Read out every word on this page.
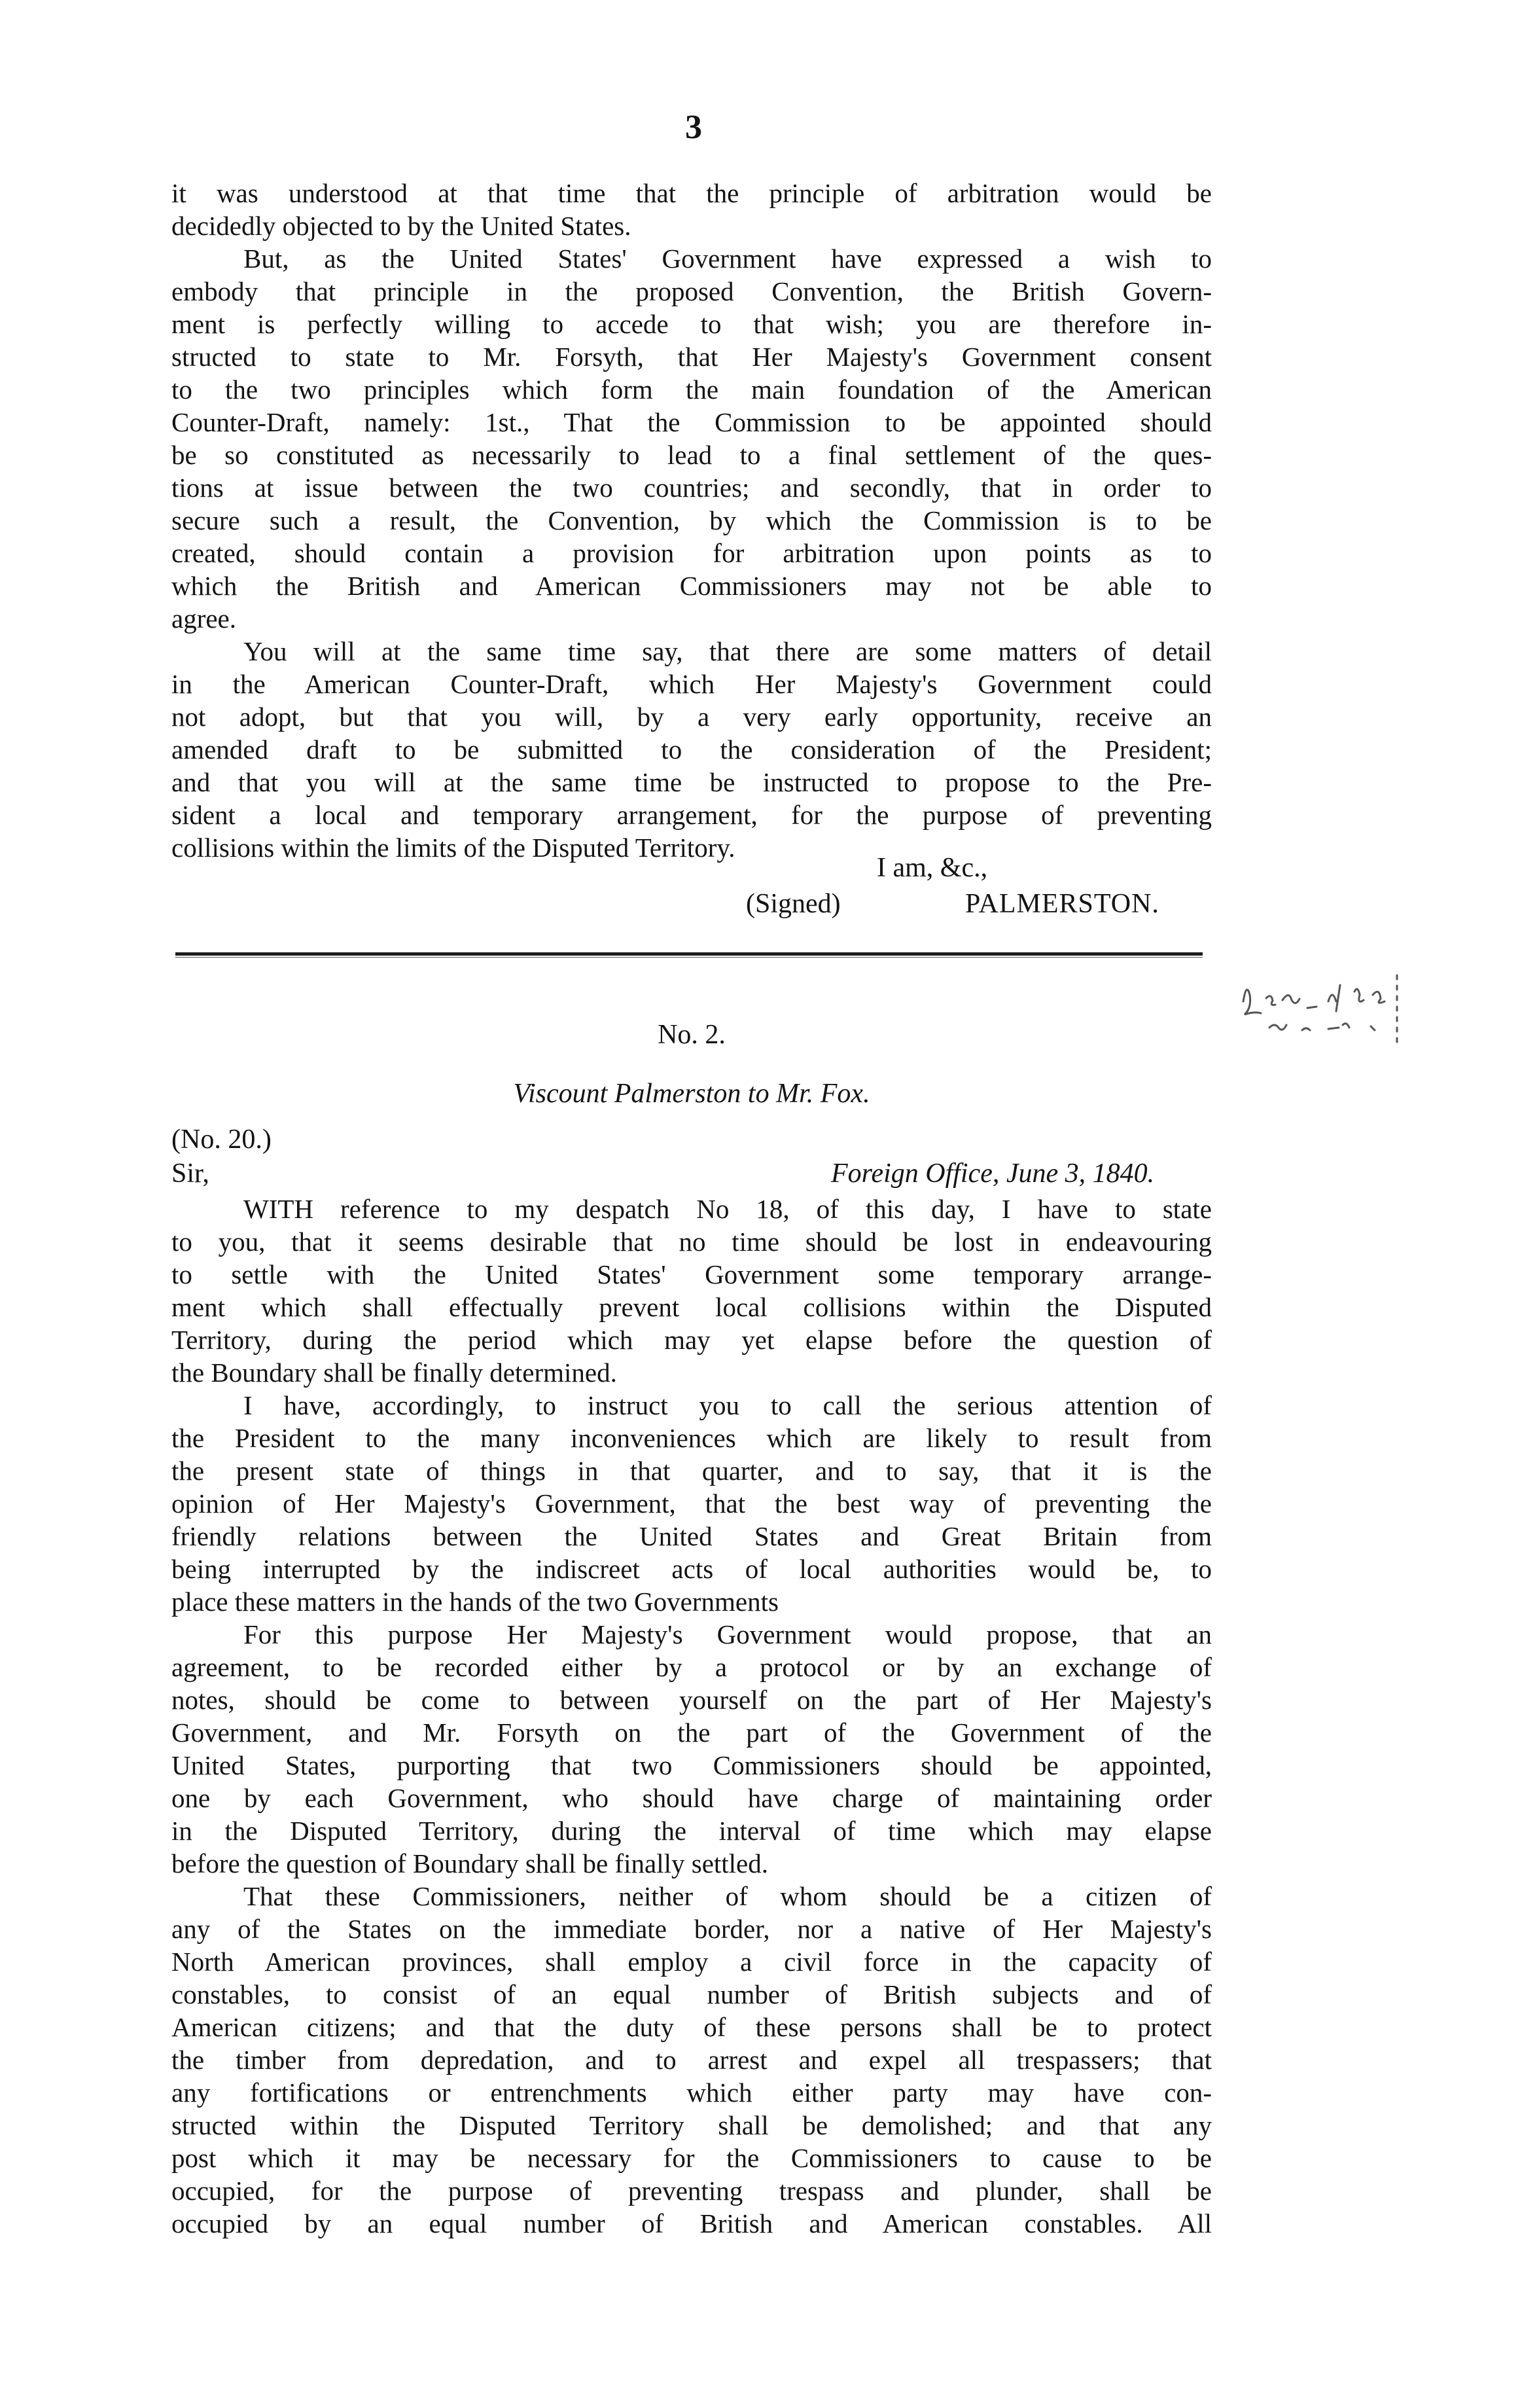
3
it was understood at that time that the principle of arbitration would be
decidedly objected to by the United States.
But, as the United States' Government have expressed a wish to
embody that principle in the proposed Convention, the British Govern-
ment is perfectly willing to accede to that wish; you are therefore in-
structed to state to Mr. Forsyth, that Her Majesty's Government consent
to the two principles which form the main foundation of the American
Counter-Draft, namely: 1st., That the Commission to be appointed should
be so constituted as necessarily to lead to a final settlement of the ques-
tions at issue between the two countries; and secondly, that in order to
secure such a result, the Convention, by which the Commission is to be
created, should contain a provision for arbitration upon points as to
which the British and American Commissioners may not be able to
agree.
You will at the same time say, that there are some matters of detail
in the American Counter-Draft, which Her Majesty's Government could
not adopt, but that you will, by a very early opportunity, receive an
amended draft to be submitted to the consideration of the President;
and that you will at the same time be instructed to propose to the Pre-
sident a local and temporary arrangement, for the purpose of preventing
collisions within the limits of the Disputed Territory.
I am, &c.,
(Signed)	PALMERSTON.
No. 2.
Viscount Palmerston to Mr. Fox.
(No. 20.)
Sir,	Foreign Office, June 3, 1840.
WITH reference to my despatch No 18, of this day, I have to state
to you, that it seems desirable that no time should be lost in endeavouring
to settle with the United States' Government some temporary arrange-
ment which shall effectually prevent local collisions within the Disputed
Territory, during the period which may yet elapse before the question of
the Boundary shall be finally determined.
I have, accordingly, to instruct you to call the serious attention of
the President to the many inconveniences which are likely to result from
the present state of things in that quarter, and to say, that it is the
opinion of Her Majesty's Government, that the best way of preventing the
friendly relations between the United States and Great Britain from
being interrupted by the indiscreet acts of local authorities would be, to
place these matters in the hands of the two Governments
For this purpose Her Majesty's Government would propose, that an
agreement, to be recorded either by a protocol or by an exchange of
notes, should be come to between yourself on the part of Her Majesty's
Government, and Mr. Forsyth on the part of the Government of the
United States, purporting that two Commissioners should be appointed,
one by each Government, who should have charge of maintaining order
in the Disputed Territory, during the interval of time which may elapse
before the question of Boundary shall be finally settled.
That these Commissioners, neither of whom should be a citizen of
any of the States on the immediate border, nor a native of Her Majesty's
North American provinces, shall employ a civil force in the capacity of
constables, to consist of an equal number of British subjects and of
American citizens; and that the duty of these persons shall be to protect
the timber from depredation, and to arrest and expel all trespassers; that
any fortifications or entrenchments which either party may have con-
structed within the Disputed Territory shall be demolished; and that any
post which it may be necessary for the Commissioners to cause to be
occupied, for the purpose of preventing trespass and plunder, shall be
occupied by an equal number of British and American constables. All
